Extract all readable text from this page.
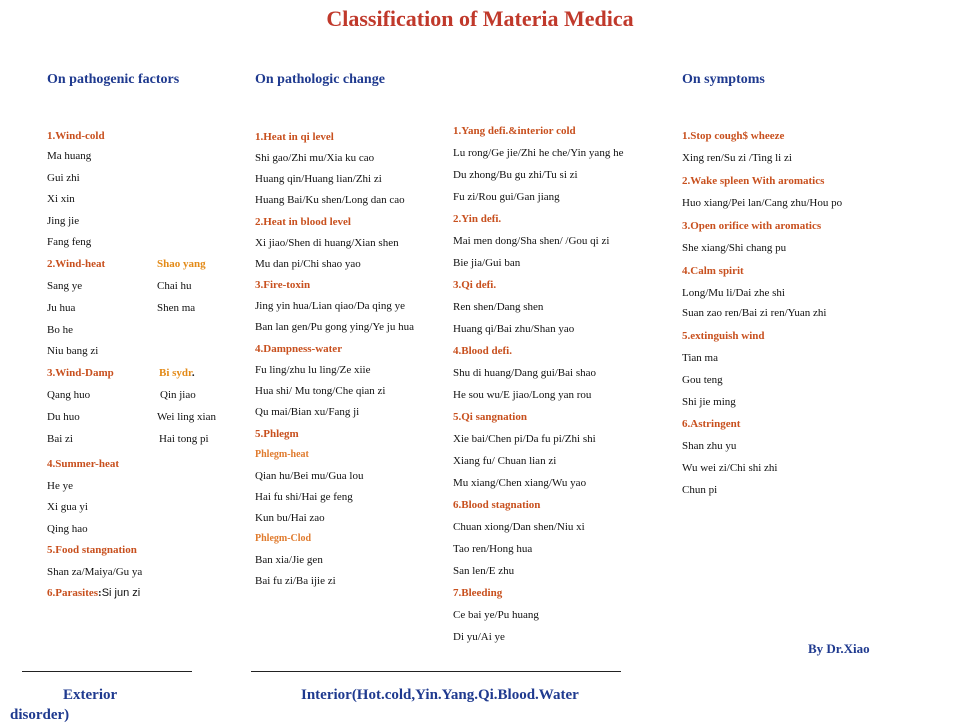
Classification of Materia Medica
On pathogenic factors	On pathologic change	On symptoms
1.Wind-cold
Ma huang
Gui zhi
Xi xin
Jing jie
Fang feng
2.Wind-heat	Shao yang
Sang ye	Chai hu
Ju hua	Shen ma
Bo he
Niu bang zi
3.Wind-Damp	Bi sydr.
Qang huo	Qin jiao
Du huo	Wei ling xian
Bai zi	Hai tong pi
4.Summer-heat
He ye
Xi gua yi
Qing hao
5.Food stangnation
Shan za/Maiya/Gu ya
6.Parasites:Si jun zi
1.Heat in qi level
Shi gao/Zhi mu/Xia ku cao
Huang qin/Huang lian/Zhi zi
Huang Bai/Ku shen/Long dan cao
2.Heat in blood level
Xi jiao/Shen di huang/Xian shen
Mu dan pi/Chi shao yao
3.Fire-toxin
Jing yin hua/Lian qiao/Da qing ye
Ban lan gen/Pu gong ying/Ye ju hua
4.Dampness-water
Fu ling/zhu lu ling/Ze xiie
Hua shi/ Mu tong/Che qian zi
Qu mai/Bian xu/Fang ji
5.Phlegm
Phlegm-heat
Qian hu/Bei mu/Gua lou
Hai fu shi/Hai ge feng
Kun bu/Hai zao
Phlegm-Clod
Ban xia/Jie gen
Bai fu zi/Ba ijie zi
1.Yang defi.&interior cold
Lu rong/Ge jie/Zhi he che/Yin yang he
Du zhong/Bu gu zhi/Tu si zi
Fu zi/Rou gui/Gan jiang
2.Yin defi.
Mai men dong/Sha shen/ /Gou qi zi
Bie jia/Gui ban
3.Qi defi.
Ren shen/Dang shen
Huang qi/Bai zhu/Shan yao
4.Blood defi.
Shu di huang/Dang gui/Bai shao
He sou wu/E jiao/Long yan rou
5.Qi sangnation
Xie bai/Chen pi/Da fu pi/Zhi shi
Xiang fu/ Chuan lian zi
Mu xiang/Chen xiang/Wu yao
6.Blood stagnation
Chuan xiong/Dan shen/Niu xi
Tao ren/Hong hua
San len/E zhu
7.Bleeding
Ce bai ye/Pu huang
Di yu/Ai ye
1.Stop cough$ wheeze
Xing ren/Su zi /Ting li zi
2.Wake spleen With aromatics
Huo xiang/Pei lan/Cang zhu/Hou po
3.Open orifice with aromatics
She xiang/Shi chang pu
4.Calm spirit
Long/Mu li/Dai zhe shi
Suan zao ren/Bai zi ren/Yuan zhi
5.extinguish wind
Tian ma
Gou teng
Shi jie ming
6.Astringent
Shan zhu yu
Wu wei zi/Chi shi zhi
Chun pi
By Dr.Xiao
Exterior	Interior(Hot.cold,Yin.Yang.Qi.Blood.Water
disorder)
